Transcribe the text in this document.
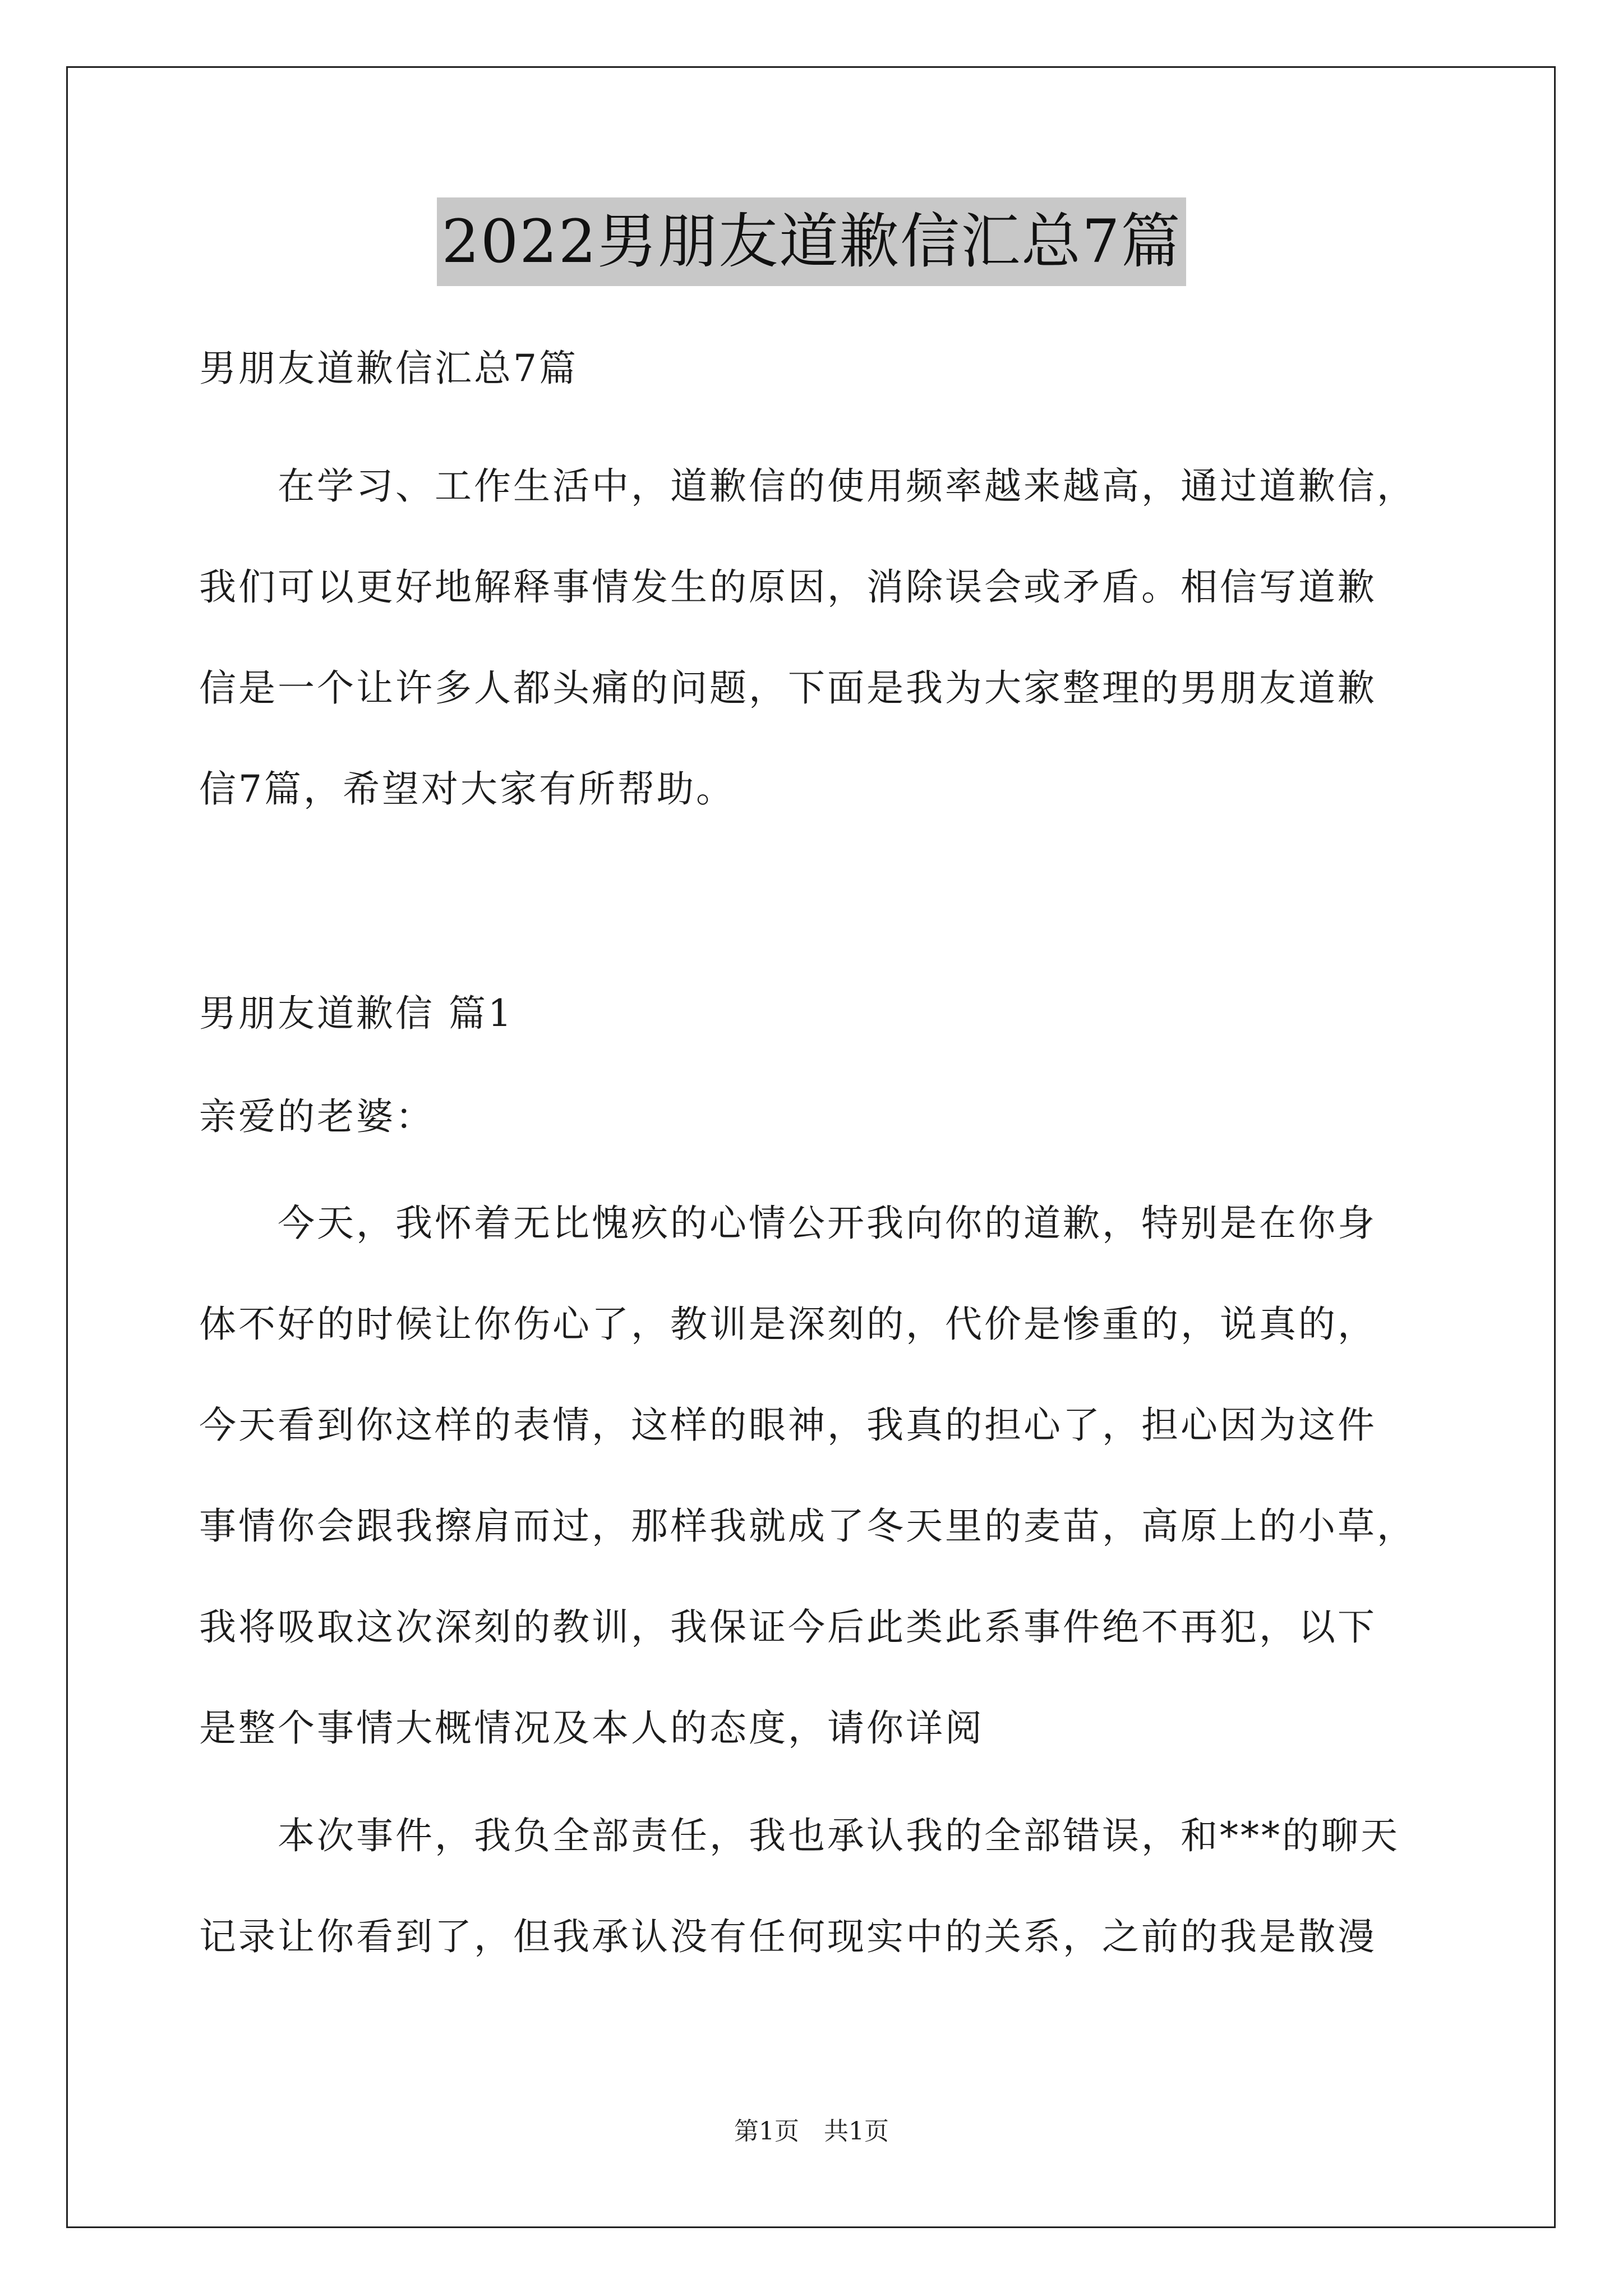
2022男朋友道歉信汇总7篇
男朋友道歉信汇总7篇
在学习、工作生活中，道歉信的使用频率越来越高，通过道歉信，
我们可以更好地解释事情发生的原因，消除误会或矛盾。相信写道歉
信是一个让许多人都头痛的问题，下面是我为大家整理的男朋友道歉
信7篇，希望对大家有所帮助。
男朋友道歉信 篇1
亲爱的老婆：
今天，我怀着无比愧疚的心情公开我向你的道歉，特别是在你身
体不好的时候让你伤心了，教训是深刻的，代价是惨重的，说真的，
今天看到你这样的表情，这样的眼神，我真的担心了，担心因为这件
事情你会跟我擦肩而过，那样我就成了冬天里的麦苗，高原上的小草，
我将吸取这次深刻的教训，我保证今后此类此系事件绝不再犯，以下
是整个事情大概情况及本人的态度，请你详阅
本次事件，我负全部责任，我也承认我的全部错误，和***的聊天
记录让你看到了，但我承认没有任何现实中的关系，之前的我是散漫
第1页　共1页
